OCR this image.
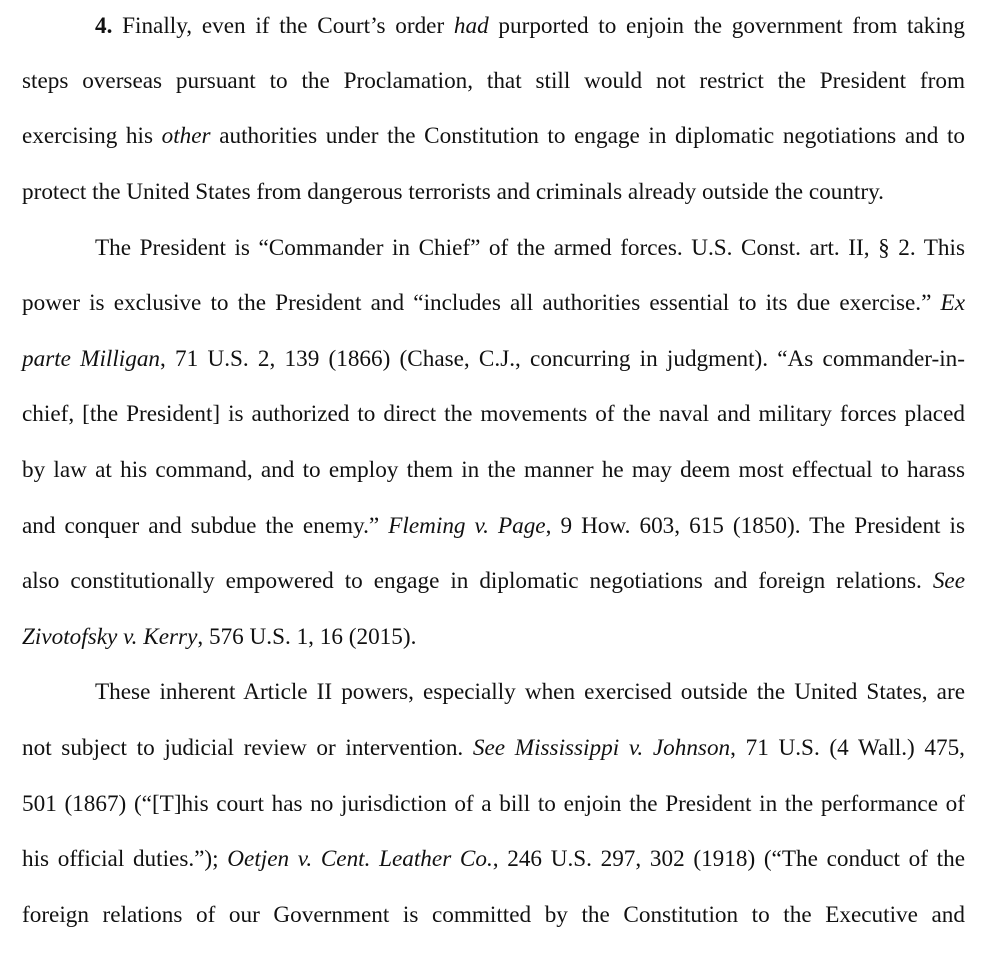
4. Finally, even if the Court’s order had purported to enjoin the government from taking
steps overseas pursuant to the Proclamation, that still would not restrict the President from
exercising his other authorities under the Constitution to engage in diplomatic negotiations and to
protect the United States from dangerous terrorists and criminals already outside the country.
The President is “Commander in Chief” of the armed forces. U.S. Const. art. II, § 2. This
power is exclusive to the President and “includes all authorities essential to its due exercise.” Ex
parte Milligan, 71 U.S. 2, 139 (1866) (Chase, C.J., concurring in judgment). “As commander-in-
chief, [the President] is authorized to direct the movements of the naval and military forces placed
by law at his command, and to employ them in the manner he may deem most effectual to harass
and conquer and subdue the enemy.” Fleming v. Page, 9 How. 603, 615 (1850). The President is
also constitutionally empowered to engage in diplomatic negotiations and foreign relations. See
Zivotofsky v. Kerry, 576 U.S. 1, 16 (2015).
These inherent Article II powers, especially when exercised outside the United States, are
not subject to judicial review or intervention. See Mississippi v. Johnson, 71 U.S. (4 Wall.) 475,
501 (1867) (“[T]his court has no jurisdiction of a bill to enjoin the President in the performance of
his official duties.”); Oetjen v. Cent. Leather Co., 246 U.S. 297, 302 (1918) (“The conduct of the
foreign relations of our Government is committed by the Constitution to the Executive and
